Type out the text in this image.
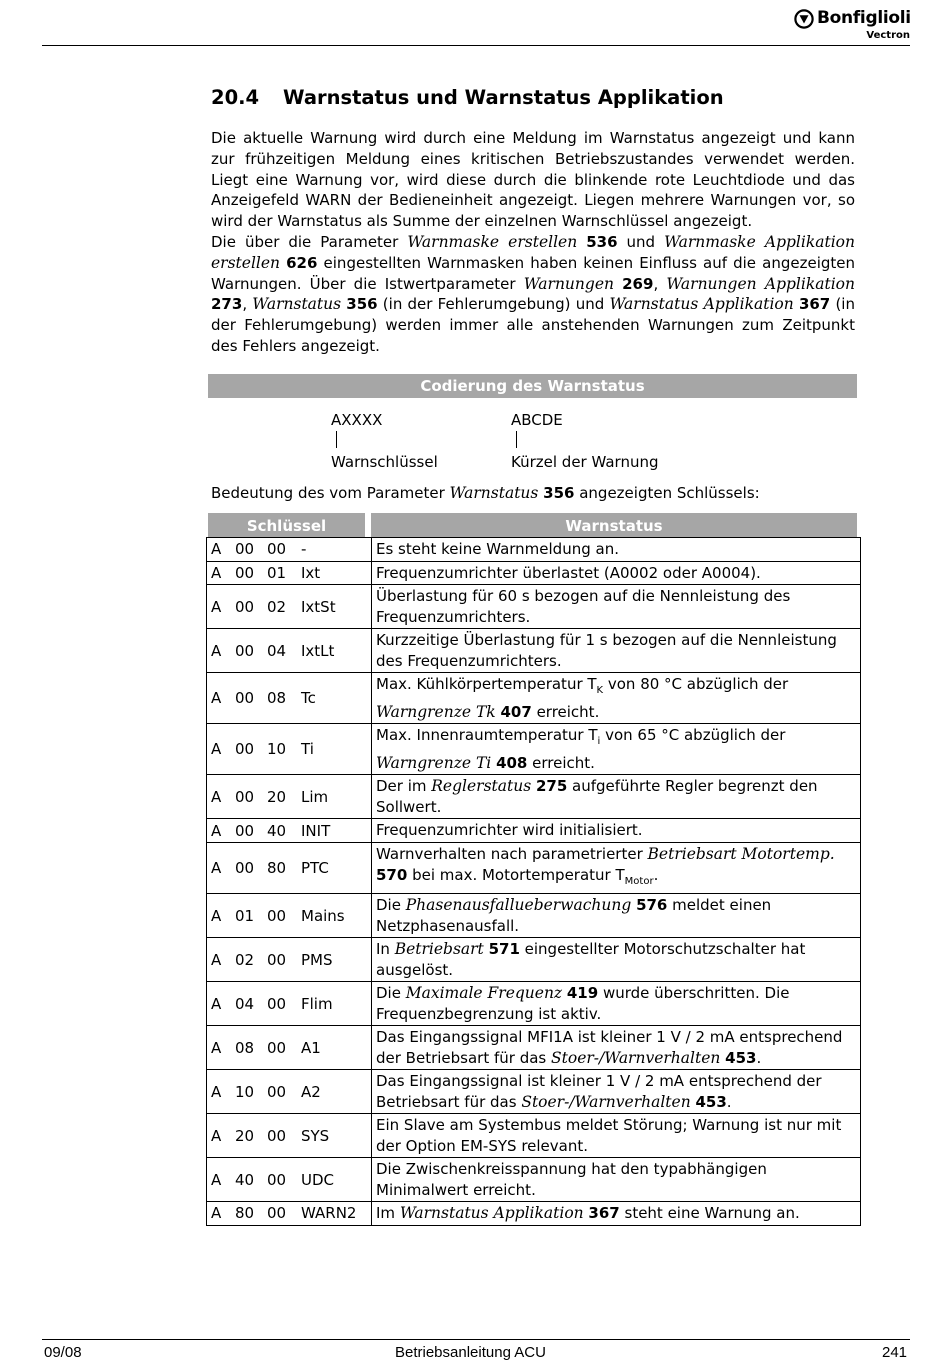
Bonfiglioli
Vectron
20.4 Warnstatus und Warnstatus Applikation

Die aktuelle Warnung wird durch eine Meldung im Warnstatus angezeigt und kann zur frühzeitigen Meldung eines kritischen Betriebszustandes verwendet werden. Liegt eine Warnung vor, wird diese durch die blinkende rote Leuchtdiode und das Anzeigefeld WARN der Bedieneinheit angezeigt. Liegen mehrere Warnungen vor, so wird der Warnstatus als Summe der einzelnen Warnschlüssel angezeigt.

Die über die Parameter Warnmaske erstellen 536 und Warnmaske Applikation erstellen 626 eingestellten Warnmasken haben keinen Einfluss auf die angezeigten Warnungen. Über die Istwertparameter Warnungen 269, Warnungen Applikation 273, Warnstatus 356 (in der Fehlerumgebung) und Warnstatus Applikation 367 (in der Fehlerumgebung) werden immer alle anstehenden Warnungen zum Zeitpunkt des Fehlers angezeigt.

Codierung des Warnstatus
AXXXX	ABCDE
Warnschlüssel	Kürzel der Warnung
Bedeutung des vom Parameter Warnstatus 356 angezeigten Schlüssels:
Schlüssel	Warnstatus
A 00 00 -	Es steht keine Warnmeldung an.
A 00 01 Ixt	Frequenzumrichter überlastet (A0002 oder A0004).
A 00 02 IxtSt	Überlastung für 60 s bezogen auf die Nennleistung des Frequenzumrichters.
A 00 04 IxtLt	Kurzzeitige Überlastung für 1 s bezogen auf die Nennleistung des Frequenzumrichters.
A 00 08 Tc	Max. Kühlkörpertemperatur $T_K$ von 80 °C abzüglich der Warngrenze Tk 407 erreicht.
A 00 10 Ti	Max. Innenraumtemperatur $T_i$ von 65 °C abzüglich der Warngrenze Ti 408 erreicht.
A 00 20 Lim	Der im Reglerstatus 275 aufgeführte Regler begrenzt den Sollwert.
A 00 40 INIT	Frequenzumrichter wird initialisiert.
A 00 80 PTC	Warnverhalten nach parametrierter Betriebsart Motortemp. 570 bei max. Motortemperatur $T_{Motor}$.
A 01 00 Mains	Die Phasenausfallueberwachung 576 meldet einen Netzphasenausfall.
A 02 00 PMS	In Betriebsart 571 eingestellter Motorschutzschalter hat ausgelöst.
A 04 00 Flim	Die Maximale Frequenz 419 wurde überschritten. Die Frequenzbegrenzung ist aktiv.
A 08 00 A1	Das Eingangssignal MFI1A ist kleiner 1 V / 2 mA entsprechend der Betriebsart für das Stoer-/Warnverhalten 453.
A 10 00 A2	Das Eingangssignal ist kleiner 1 V / 2 mA entsprechend der Betriebsart für das Stoer-/Warnverhalten 453.
A 20 00 SYS	Ein Slave am Systembus meldet Störung; Warnung ist nur mit der Option EM-SYS relevant.
A 40 00 UDC	Die Zwischenkreisspannung hat den typabhängigen Minimalwert erreicht.
A 80 00 WARN2	Im Warnstatus Applikation 367 steht eine Warnung an.
09/08	Betriebsanleitung ACU	241
